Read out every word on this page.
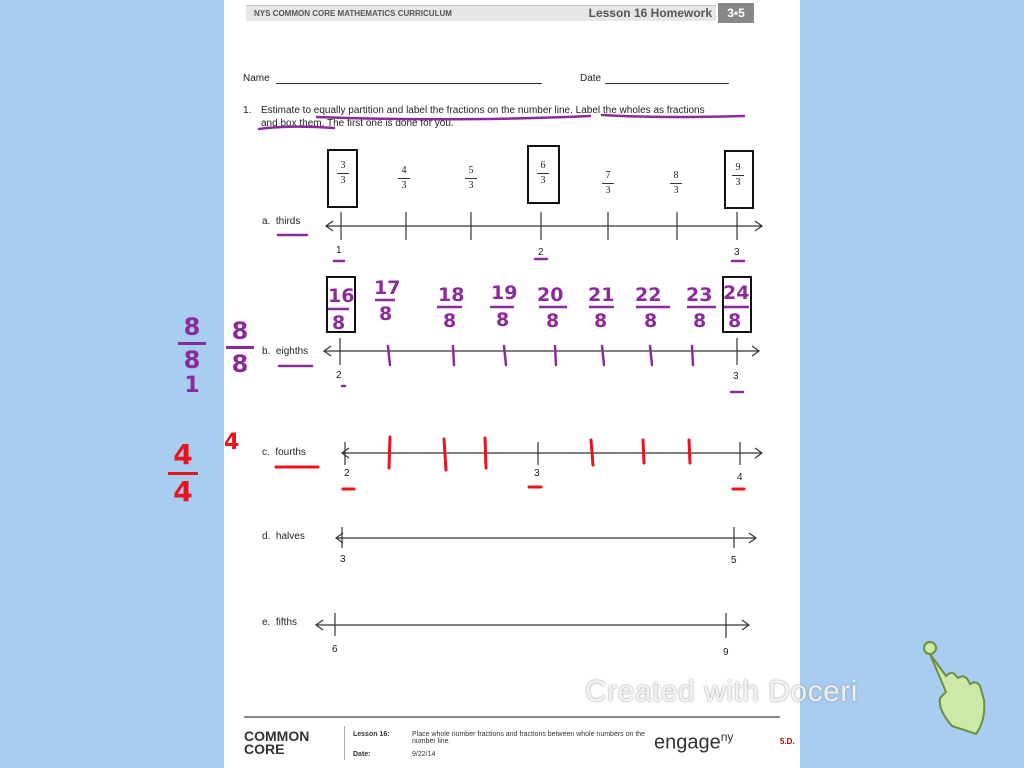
NYS COMMON CORE MATHEMATICS CURRICULUM	Lesson 16 Homework	3•5
Name	Date
1. Estimate to equally partition and label the fractions on the number line. Label the wholes as fractions
and box them. The first one is done for you.
a. thirds
b. eighths
c. fourths
d. halves
e. fifths
3
3
4
3
5
3
6
3	7
3
8
3
9
3
1	2	3
2	3
2	3	4
3	5
6	9
16
8
17
8
18
8
19
8
20
8
21
8
22
8
23
8
24
8
COMMON CORE
Lesson 16:	Place whole number fractions and fractions between whole numbers on the number line.
Date:	9/22/14
engage$^{ny}$	5.D.
8
8
1
8
8
4
4
4
Created with Doceri
